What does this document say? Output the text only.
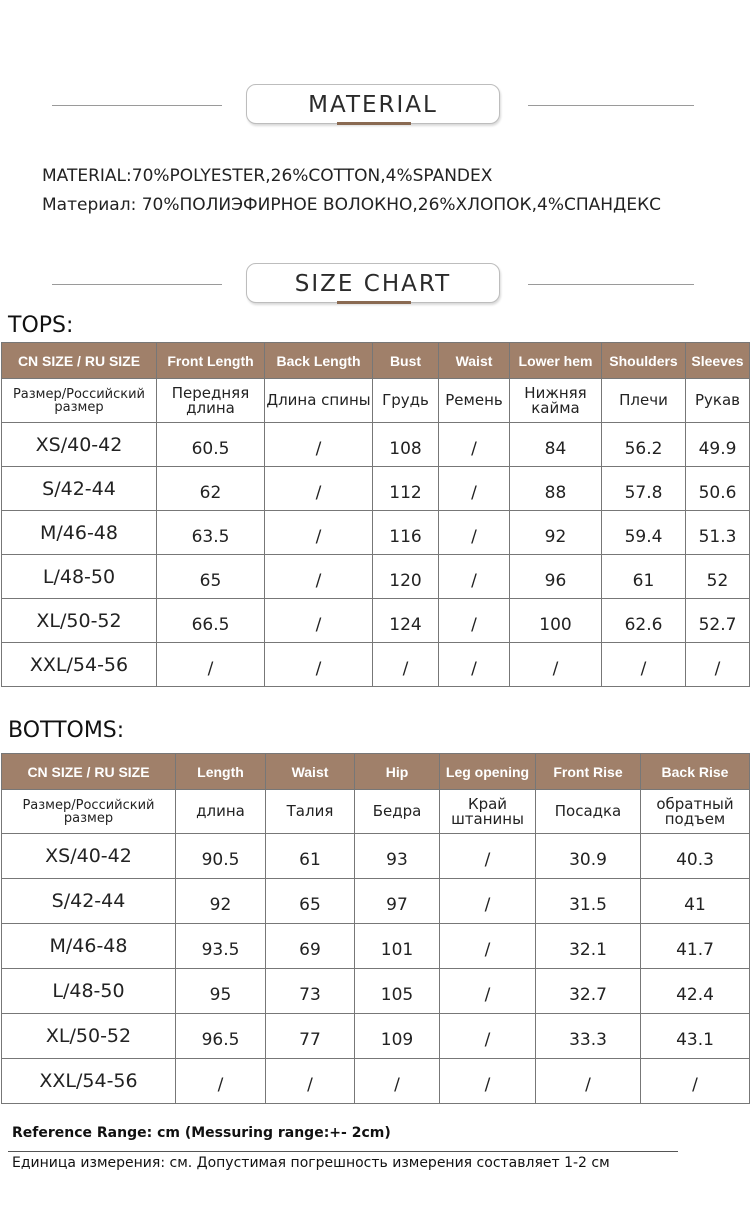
MATERIAL
MATERIAL:70%POLYESTER,26%COTTON,4%SPANDEX
Материал: 70%ПОЛИЭФИРНОЕ ВОЛОКНО,26%ХЛОПОК,4%СПАНДЕКС
SIZE CHART
TOPS:
CN SIZE / RU SIZE	Front Length	Back Length	Bust	Waist	Lower hem	Shoulders	Sleeves
Размер/Российский размер	Передняя длина	Длина спины	Грудь	Ремень	Нижняя кайма	Плечи	Рукав
XS/40-42	60.5	/	108	/	84	56.2	49.9
S/42-44	62	/	112	/	88	57.8	50.6
M/46-48	63.5	/	116	/	92	59.4	51.3
L/48-50	65	/	120	/	96	61	52
XL/50-52	66.5	/	124	/	100	62.6	52.7
XXL/54-56	/	/	/	/	/	/	/
BOTTOMS:
CN SIZE / RU SIZE	Length	Waist	Hip	Leg opening	Front Rise	Back Rise
Размер/Российский размер	длина	Талия	Бедра	Край штанины	Посадка	обратный подъем
XS/40-42	90.5	61	93	/	30.9	40.3
S/42-44	92	65	97	/	31.5	41
M/46-48	93.5	69	101	/	32.1	41.7
L/48-50	95	73	105	/	32.7	42.4
XL/50-52	96.5	77	109	/	33.3	43.1
XXL/54-56	/	/	/	/	/	/
Reference Range: cm (Messuring range:+- 2cm)
Единица измерения: см. Допустимая погрешность измерения составляет 1-2 см
